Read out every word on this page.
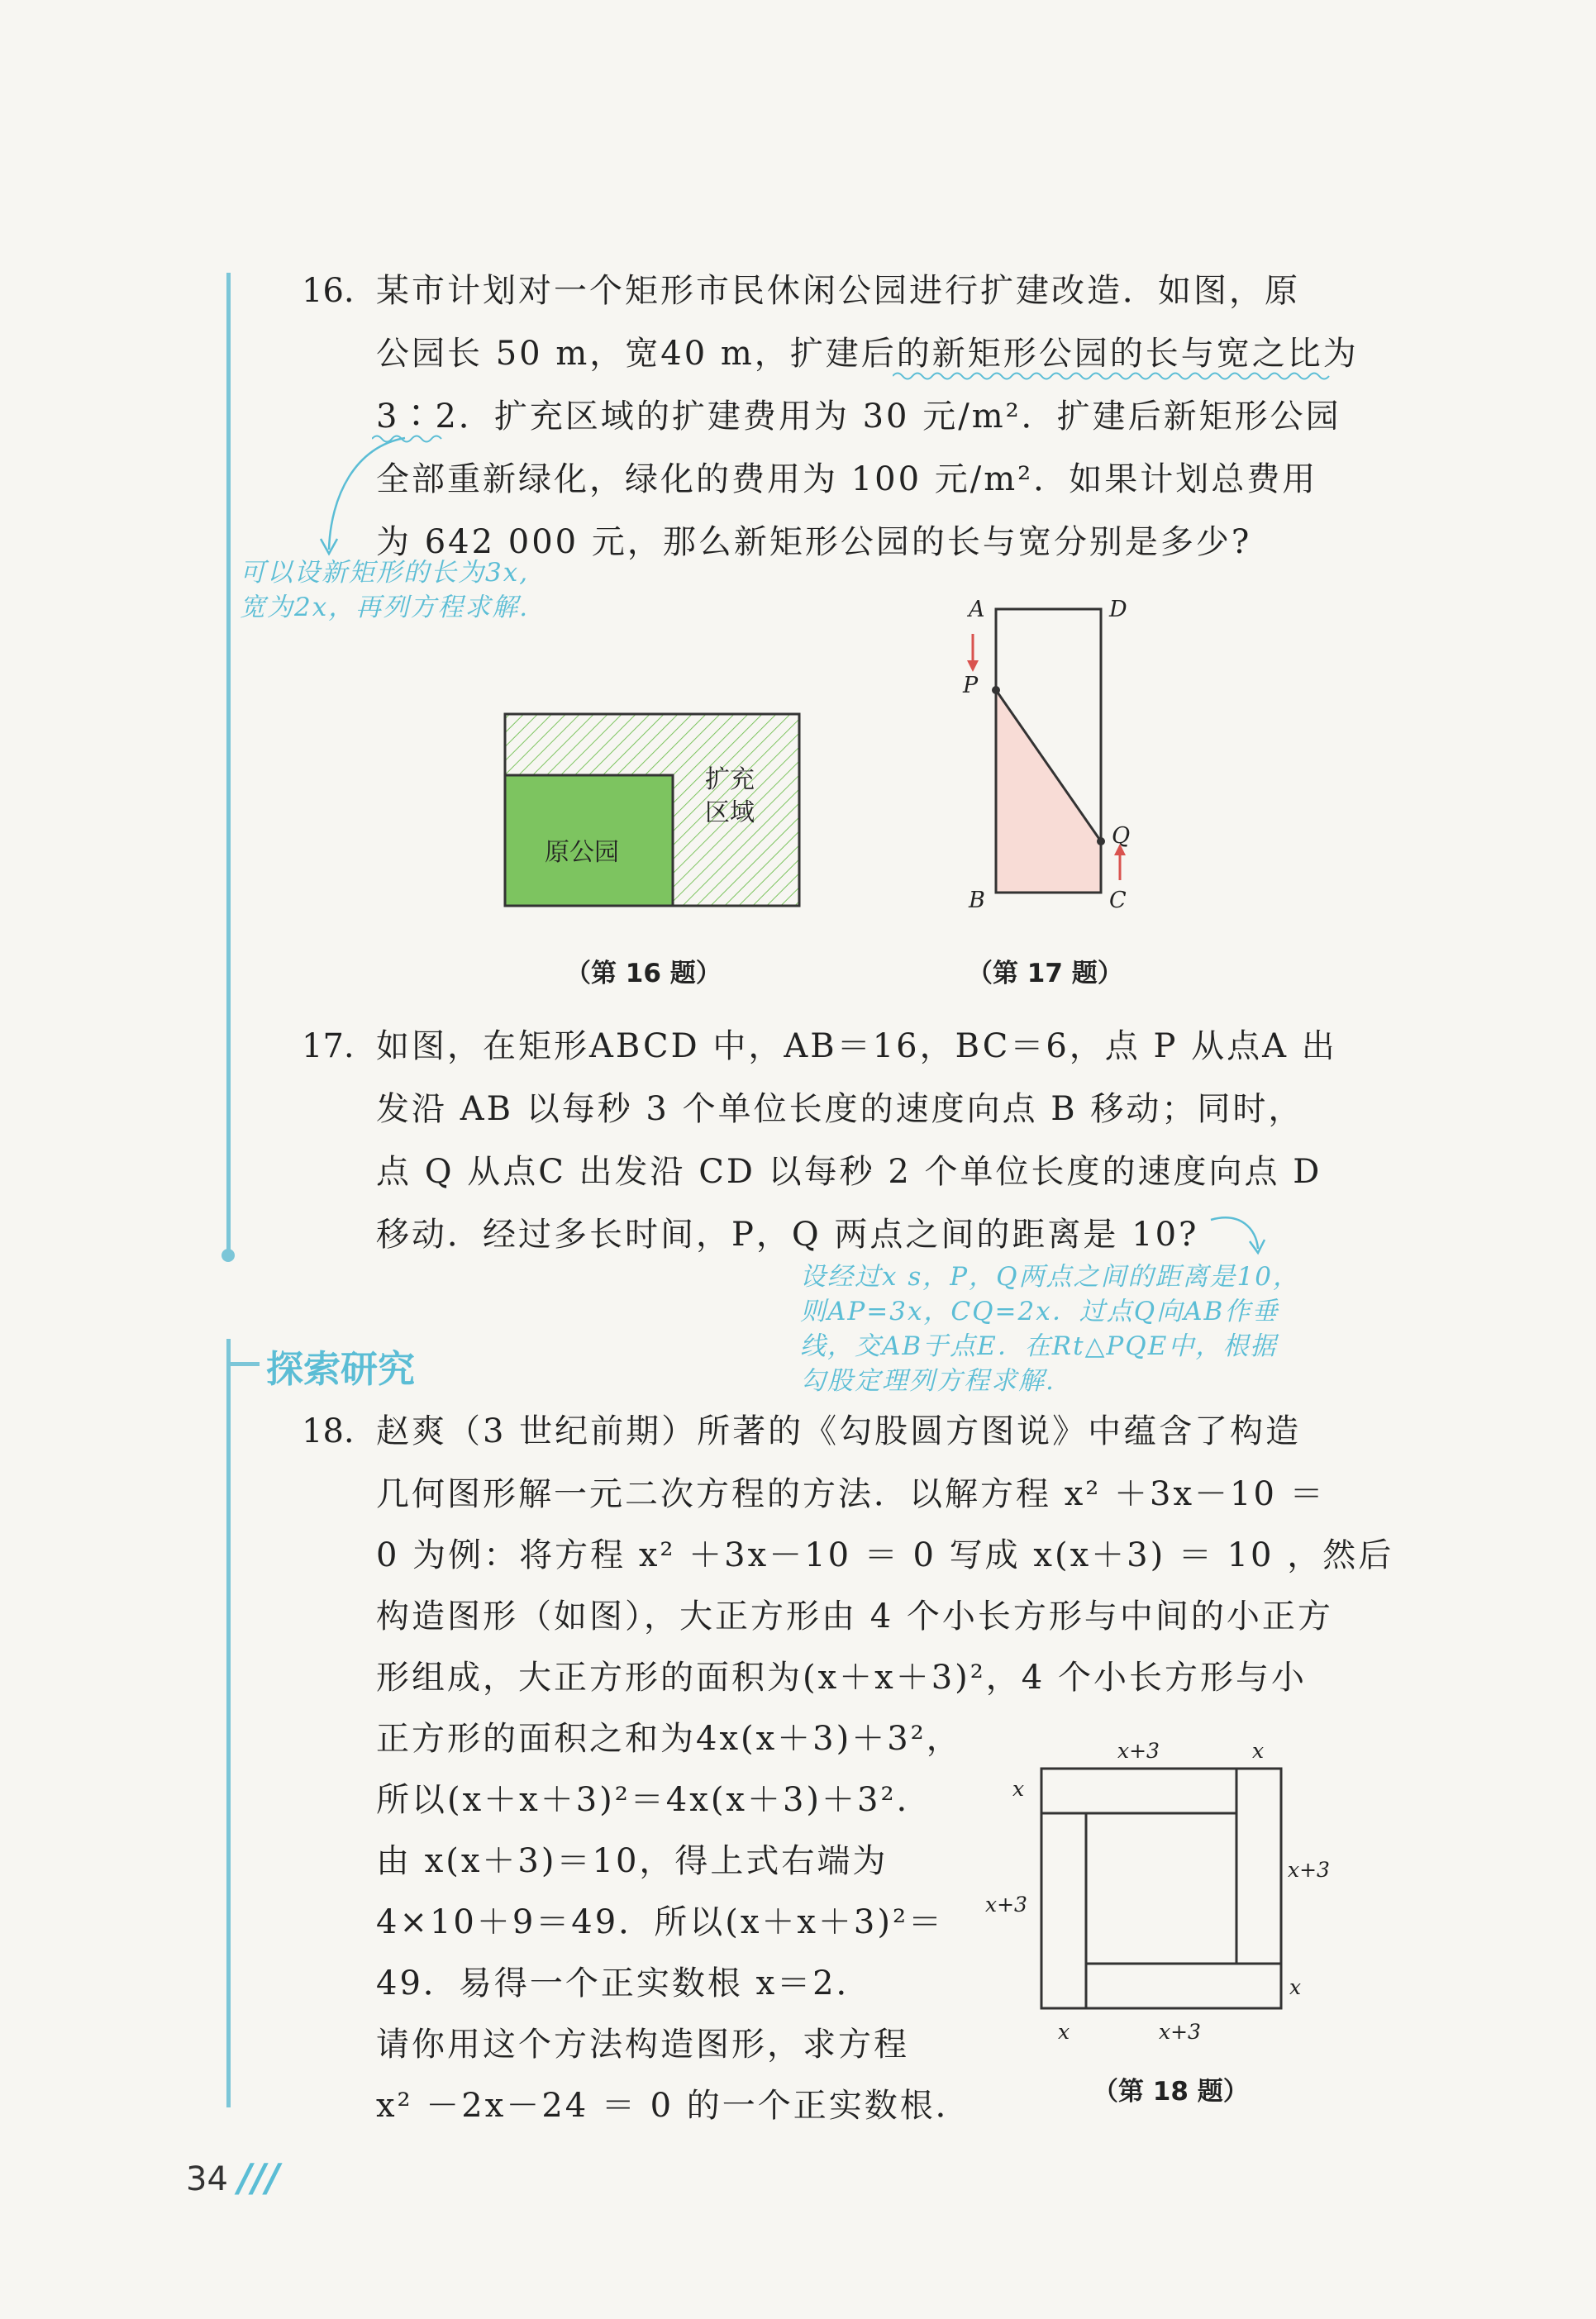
16. 某市计划对一个矩形市民休闲公园进行扩建改造．如图，原
公园长 50 m，宽40 m，扩建后的新矩形公园的长与宽之比为
3∶2．扩充区域的扩建费用为 30 元/m²．扩建后新矩形公园
全部重新绿化，绿化的费用为 100 元/m²．如果计划总费用
为 642 000 元，那么新矩形公园的长与宽分别是多少?
可以设新矩形的长为3x,
宽为2x，再列方程求解.
原公园
扩充
区域
（第 16 题）
A	D
P
Q
B	C
（第 17 题）
17. 如图，在矩形ABCD 中，AB＝16，BC＝6，点 P 从点A 出
发沿 AB 以每秒 3 个单位长度的速度向点 B 移动；同时，
点 Q 从点C 出发沿 CD 以每秒 2 个单位长度的速度向点 D
移动．经过多长时间，P，Q 两点之间的距离是 10?
设经过x s，P，Q两点之间的距离是10，
则AP=3x，CQ=2x．过点Q向AB作垂
线，交AB于点E．在Rt△PQE中，根据
勾股定理列方程求解.
探索研究
18. 赵爽（3 世纪前期）所著的《勾股圆方图说》中蕴含了构造
几何图形解一元二次方程的方法．以解方程 x² ＋3x－10 ＝
0 为例：将方程 x² ＋3x－10 ＝ 0 写成 x(x＋3) ＝ 10 ，然后
构造图形（如图），大正方形由 4 个小长方形与中间的小正方
形组成，大正方形的面积为(x＋x＋3)²，4 个小长方形与小
正方形的面积之和为4x(x＋3)＋3²，
所以(x＋x＋3)²＝4x(x＋3)＋3².
由 x(x＋3)＝10，得上式右端为
4×10＋9＝49．所以(x＋x＋3)²＝
49．易得一个正实数根 x＝2．
请你用这个方法构造图形，求方程
x² －2x－24 ＝ 0 的一个正实数根．
x+3	x
x
x+3
x+3
x
x	x+3
（第 18 题）
34 ///
